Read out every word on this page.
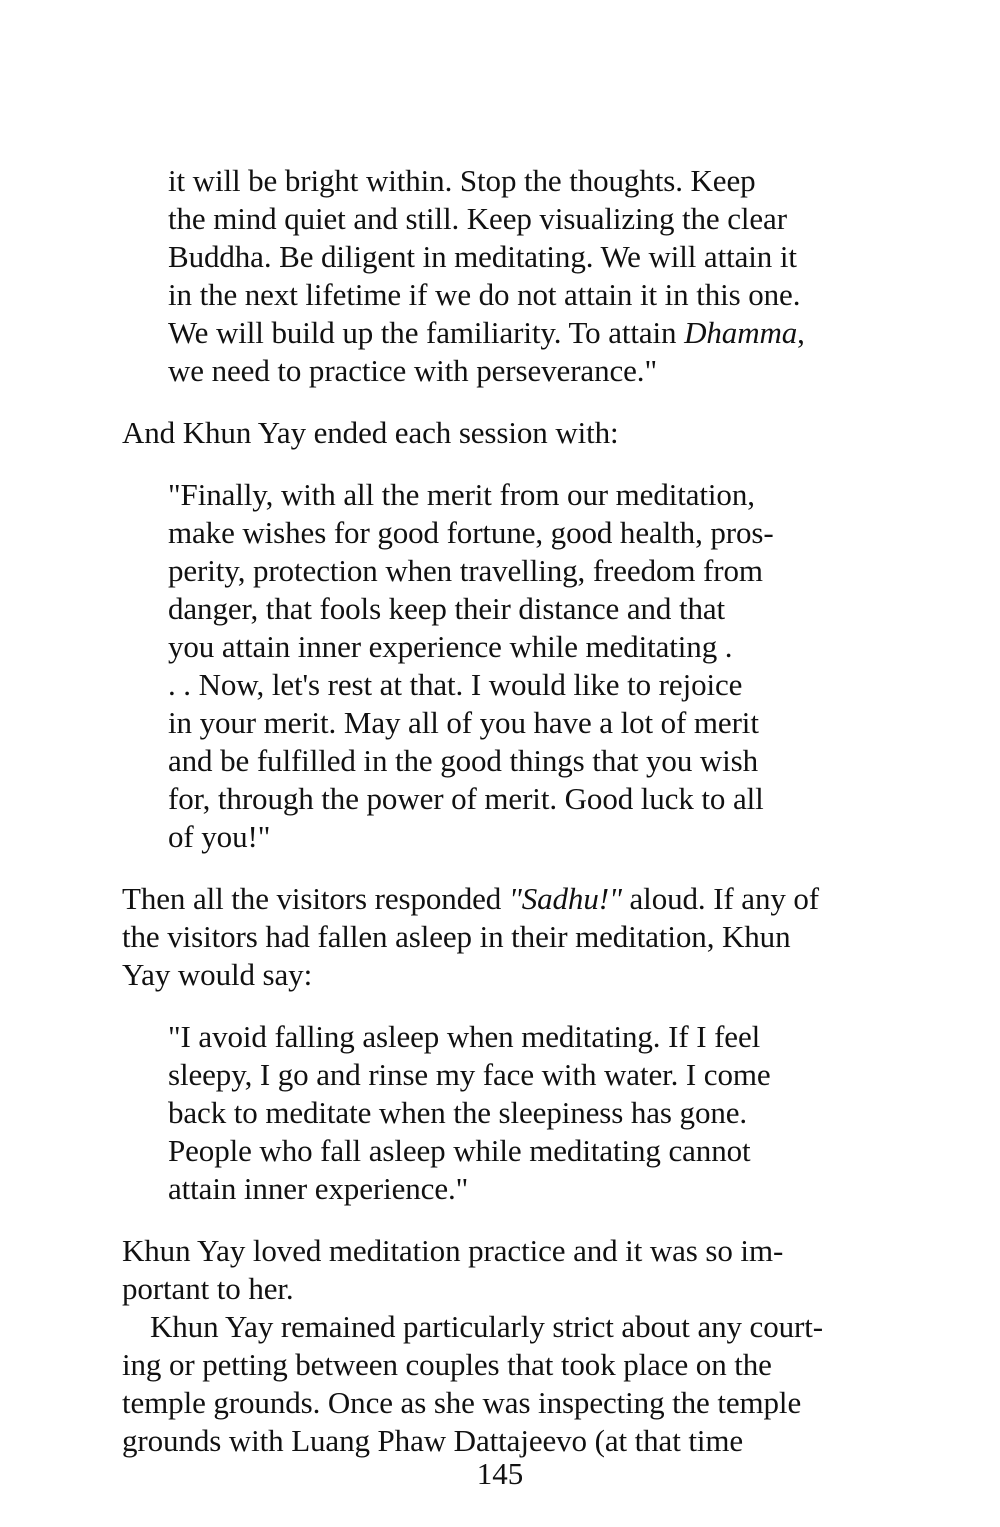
it will be bright within. Stop the thoughts. Keep
the mind quiet and still. Keep visualizing the clear
Buddha. Be diligent in meditating. We will attain it
in the next lifetime if we do not attain it in this one.
We will build up the familiarity. To attain Dhamma,
we need to practice with perseverance."
And Khun Yay ended each session with:
"Finally, with all the merit from our meditation,
make wishes for good fortune, good health, pros-
perity, protection when travelling, freedom from
danger, that fools keep their distance and that
you attain inner experience while meditating .
. . Now, let's rest at that. I would like to rejoice
in your merit. May all of you have a lot of merit
and be fulfilled in the good things that you wish
for, through the power of merit. Good luck to all
of you!"
Then all the visitors responded "Sadhu!" aloud. If any of
the visitors had fallen asleep in their meditation, Khun
Yay would say:
"I avoid falling asleep when meditating. If I feel
sleepy, I go and rinse my face with water. I come
back to meditate when the sleepiness has gone.
People who fall asleep while meditating cannot
attain inner experience."
Khun Yay loved meditation practice and it was so im-
portant to her.
Khun Yay remained particularly strict about any court-
ing or petting between couples that took place on the
temple grounds. Once as she was inspecting the temple
grounds with Luang Phaw Dattajeevo (at that time
145
